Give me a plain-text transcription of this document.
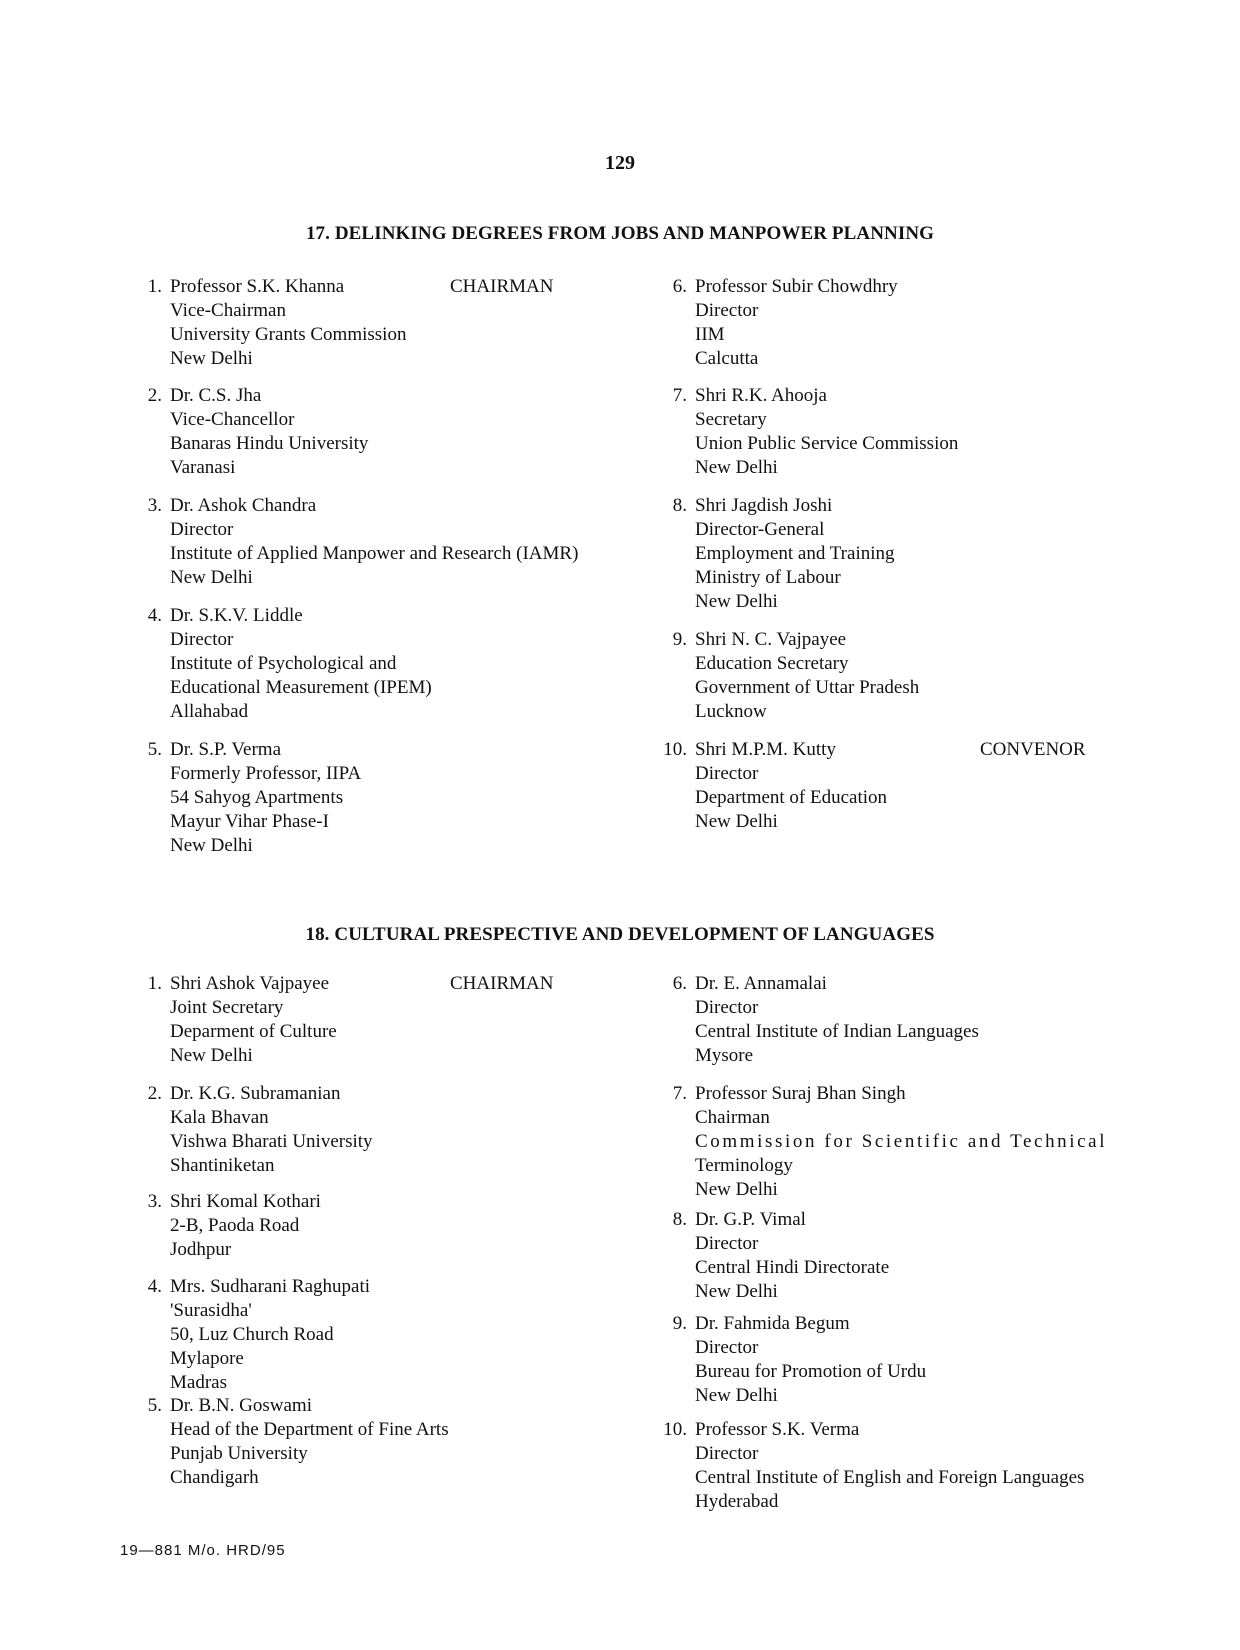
129
17. DELINKING DEGREES FROM JOBS AND MANPOWER PLANNING
1. Professor S.K. Khanna
Vice-Chairman
University Grants Commission
New Delhi
CHAIRMAN
2. Dr. C.S. Jha
Vice-Chancellor
Banaras Hindu University
Varanasi
3. Dr. Ashok Chandra
Director
Institute of Applied Manpower and Research (IAMR)
New Delhi
4. Dr. S.K.V. Liddle
Director
Institute of Psychological and
Educational Measurement (IPEM)
Allahabad
5. Dr. S.P. Verma
Formerly Professor, IIPA
54 Sahyog Apartments
Mayur Vihar Phase-I
New Delhi
6. Professor Subir Chowdhry
Director
IIM
Calcutta
7. Shri R.K. Ahooja
Secretary
Union Public Service Commission
New Delhi
8. Shri Jagdish Joshi
Director-General
Employment and Training
Ministry of Labour
New Delhi
9. Shri N. C. Vajpayee
Education Secretary
Government of Uttar Pradesh
Lucknow
10. Shri M.P.M. Kutty
Director
Department of Education
New Delhi
CONVENOR
18. CULTURAL PRESPECTIVE AND DEVELOPMENT OF LANGUAGES
1. Shri Ashok Vajpayee
Joint Secretary
Deparment of Culture
New Delhi
CHAIRMAN
2. Dr. K.G. Subramanian
Kala Bhavan
Vishwa Bharati University
Shantiniketan
3. Shri Komal Kothari
2-B, Paoda Road
Jodhpur
4. Mrs. Sudharani Raghupati
'Surasidha'
50, Luz Church Road
Mylapore
Madras
5. Dr. B.N. Goswami
Head of the Department of Fine Arts
Punjab University
Chandigarh
6. Dr. E. Annamalai
Director
Central Institute of Indian Languages
Mysore
7. Professor Suraj Bhan Singh
Chairman
Commission for Scientific and Technical
Terminology
New Delhi
8. Dr. G.P. Vimal
Director
Central Hindi Directorate
New Delhi
9. Dr. Fahmida Begum
Director
Bureau for Promotion of Urdu
New Delhi
10. Professor S.K. Verma
Director
Central Institute of English and Foreign Languages
Hyderabad
19—881 M/o. HRD/95
